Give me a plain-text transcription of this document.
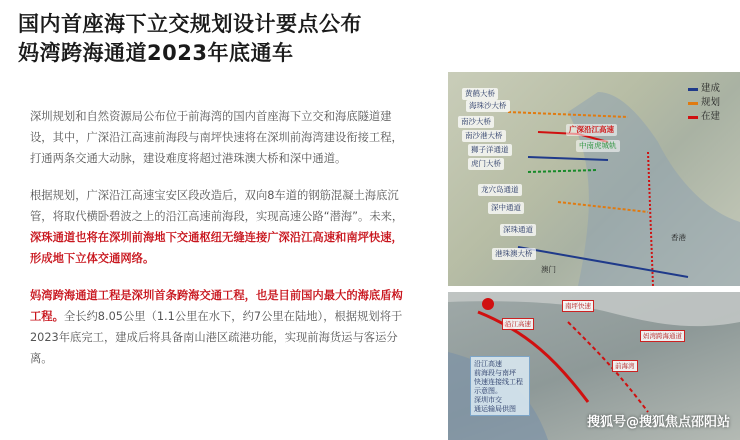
国内首座海下立交规划设计要点公布
妈湾跨海通道2023年底通车

深圳规划和自然资源局公布位于前海湾的国内首座海下立交和海底隧道建设，其中，广深沿江高速前海段与南坪快速将在深圳前海湾建设衔接工程，打通两条交通大动脉，建设难度将超过港珠澳大桥和深中通道。

根据规划，广深沿江高速宝安区段改造后，双向8车道的钢筋混凝土海底沉管，将取代横卧碧波之上的沿江高速前海段，实现高速公路“潜海”。未来，深珠通道也将在深圳前海地下交通枢纽无缝连接广深沿江高速和南坪快速，形成地下立体交通网络。

妈湾跨海通道工程是深圳首条跨海交通工程，也是目前国内最大的海底盾构工程。全长约8.05公里（1.1公里在水下，约7公里在陆地），根据规划将于2023年底完工，建成后将具备南山港区疏港功能，实现前海货运与客运分离。

黄鹤大桥
海珠沙大桥
南沙大桥
南沙港大桥
广深沿江高速
狮子洋通道	中南虎城轨
虎门大桥
龙穴岛通道
深中通道
深珠通道
港珠澳大桥
澳门
香港
建成
规划
在建
沿江高速
前海段与南坪
快速连接线工程
示意图。
深圳市交
通运输局供图
沿江高速
南坪快速
妈湾跨海通道
前海湾
搜狐号@搜狐焦点邵阳站
